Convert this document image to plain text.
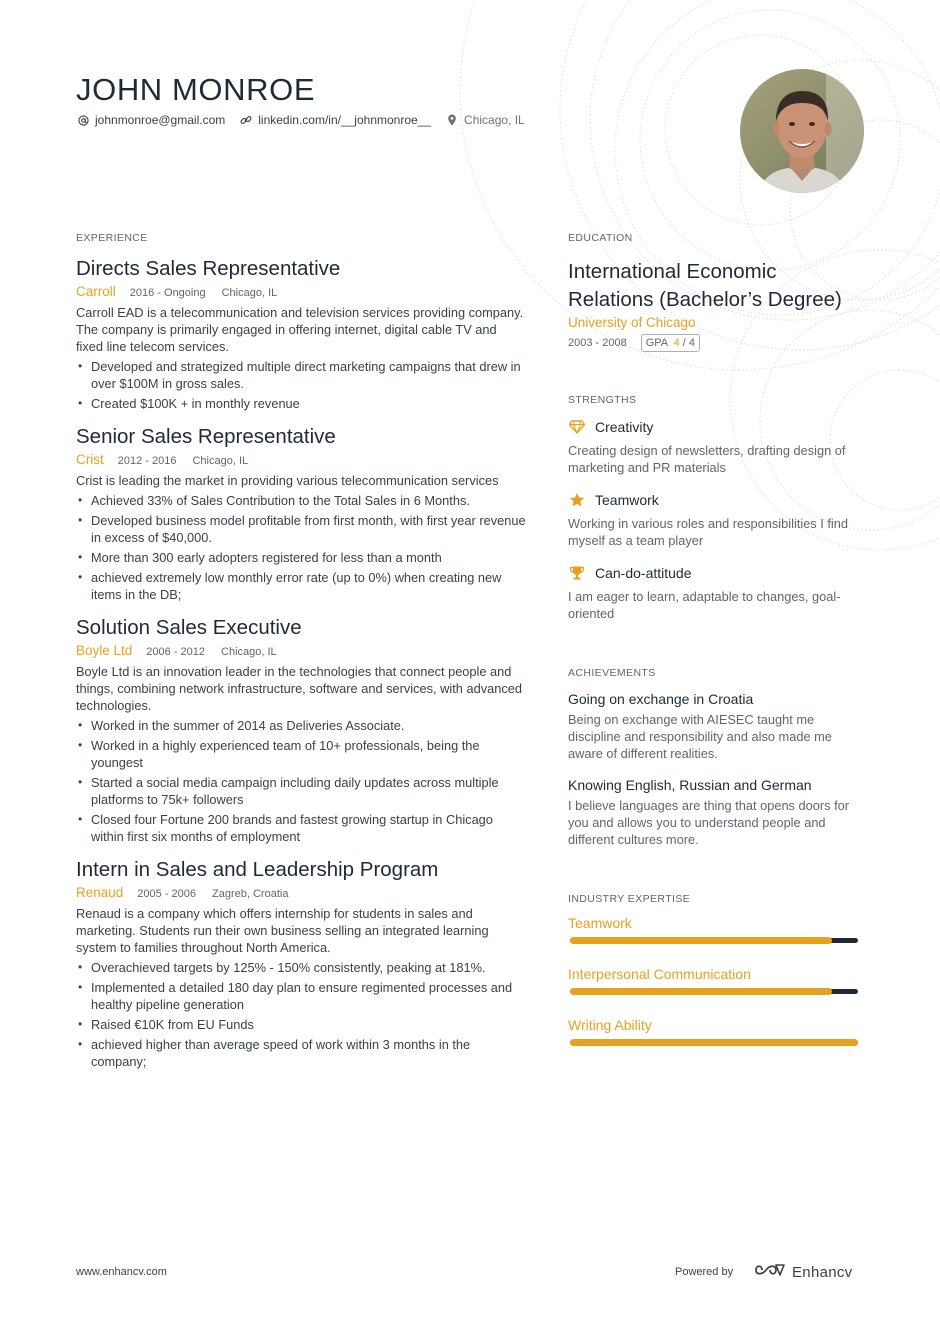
JOHN MONROE
johnmonroe@gmail.com	linkedin.com/in/__johnmonroe__	Chicago, IL
EXPERIENCE
Directs Sales Representative
Carroll 2016 - Ongoing Chicago, IL
Carroll EAD is a telecommunication and television services providing company. The company is primarily engaged in offering internet, digital cable TV and fixed line telecom services.
• Developed and strategized multiple direct marketing campaigns that drew in over $100M in gross sales.
• Created $100K + in monthly revenue
Senior Sales Representative
Crist 2012 - 2016 Chicago, IL
Crist is leading the market in providing various telecommunication services
• Achieved 33% of Sales Contribution to the Total Sales in 6 Months.
• Developed business model profitable from first month, with first year revenue in excess of $40,000.
• More than 300 early adopters registered for less than a month
• achieved extremely low monthly error rate (up to 0%) when creating new items in the DB;
Solution Sales Executive
Boyle Ltd 2006 - 2012 Chicago, IL
Boyle Ltd is an innovation leader in the technologies that connect people and things, combining network infrastructure, software and services, with advanced technologies.
• Worked in the summer of 2014 as Deliveries Associate.
• Worked in a highly experienced team of 10+ professionals, being the youngest
• Started a social media campaign including daily updates across multiple platforms to 75k+ followers
• Closed four Fortune 200 brands and fastest growing startup in Chicago within first six months of employment
Intern in Sales and Leadership Program
Renaud 2005 - 2006 Zagreb, Croatia
Renaud is a company which offers internship for students in sales and marketing. Students run their own business selling an integrated learning system to families throughout North America.
• Overachieved targets by 125% - 150% consistently, peaking at 181%.
• Implemented a detailed 180 day plan to ensure regimented processes and healthy pipeline generation
• Raised €10K from EU Funds
• achieved higher than average speed of work within 3 months in the company;
EDUCATION
International Economic Relations (Bachelor’s Degree)
University of Chicago
2003 - 2008	GPA 4 / 4
STRENGTHS
Creativity
Creating design of newsletters, drafting design of marketing and PR materials
Teamwork
Working in various roles and responsibilities I find myself as a team player
Can-do-attitude
I am eager to learn, adaptable to changes, goal-oriented
ACHIEVEMENTS
Going on exchange in Croatia
Being on exchange with AIESEC taught me discipline and responsibility and also made me aware of different realities.
Knowing English, Russian and German
I believe languages are thing that opens doors for you and allows you to understand people and different cultures more.
INDUSTRY EXPERTISE
Teamwork
Interpersonal Communication
Writing Ability
www.enhancv.com	Powered by	Enhancv
